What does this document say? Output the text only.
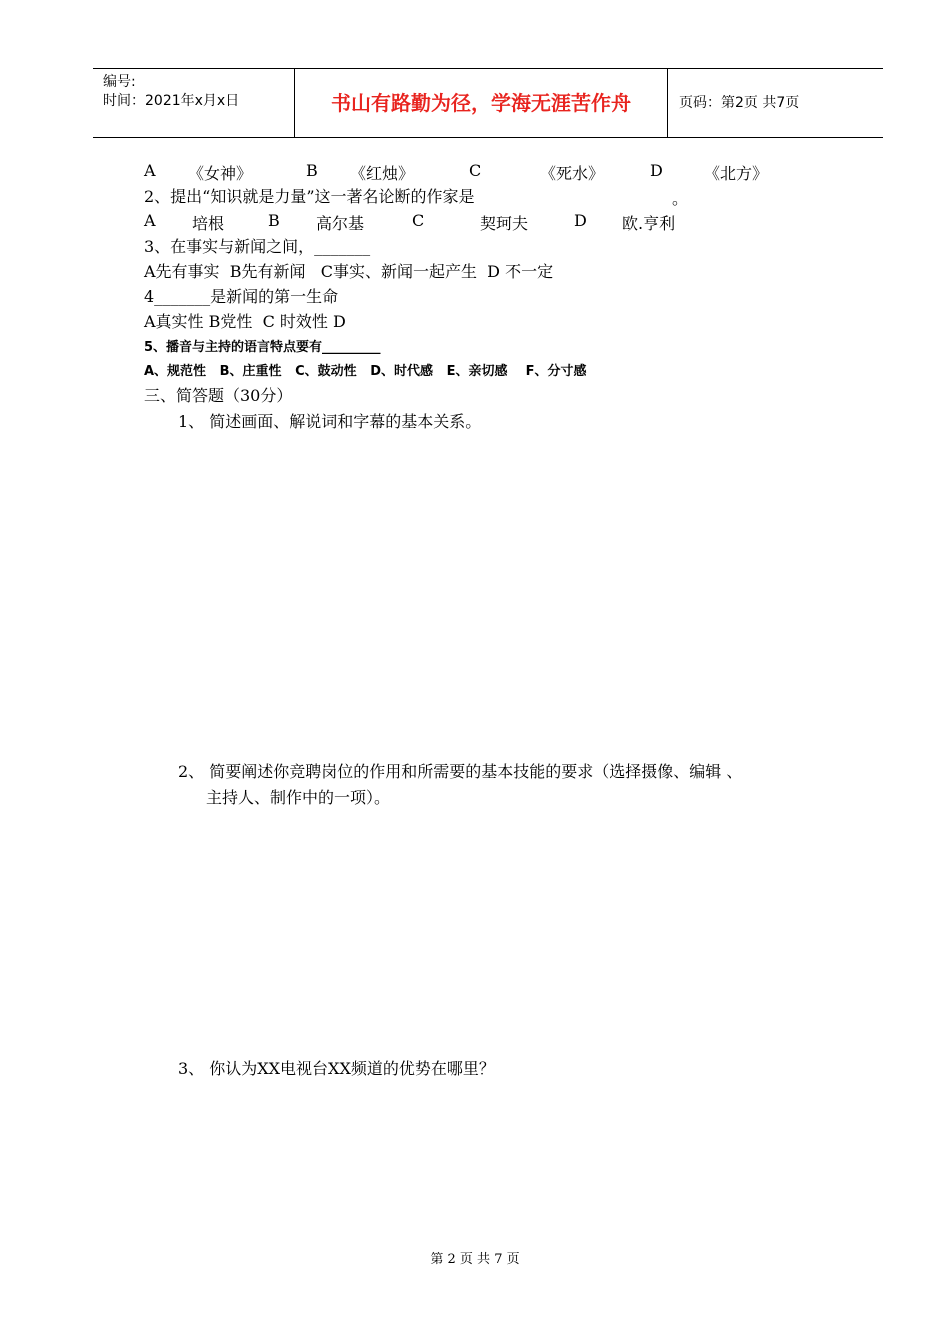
编号:
时间：2021年x月x日	书山有路勤为径，学海无涯苦作舟	页码：第2页 共7页
A 《女神》	B 《红烛》	C	《死水》	D	《北方》
2、提出“知识就是力量”这一著名论断的作家是	。
A 培根	B 高尔基	C	契珂夫	D 欧.亨利
3、在事实与新闻之间，_______
A先有事实  B先有新闻   C事实、新闻一起产生  D 不一定
4_______是新闻的第一生命
A真实性 B党性  C 时效性 D
5、播音与主持的语言特点要有_________
A、规范性   B、庄重性   C、鼓动性   D、时代感   E、亲切感    F、分寸感
三、简答题（30分）
1、 简述画面、解说词和字幕的基本关系。
2、 简要阐述你竞聘岗位的作用和所需要的基本技能的要求（选择摄像、编辑 、
主持人、制作中的一项）。
3、 你认为XX电视台XX频道的优势在哪里？
第 2 页 共 7 页
